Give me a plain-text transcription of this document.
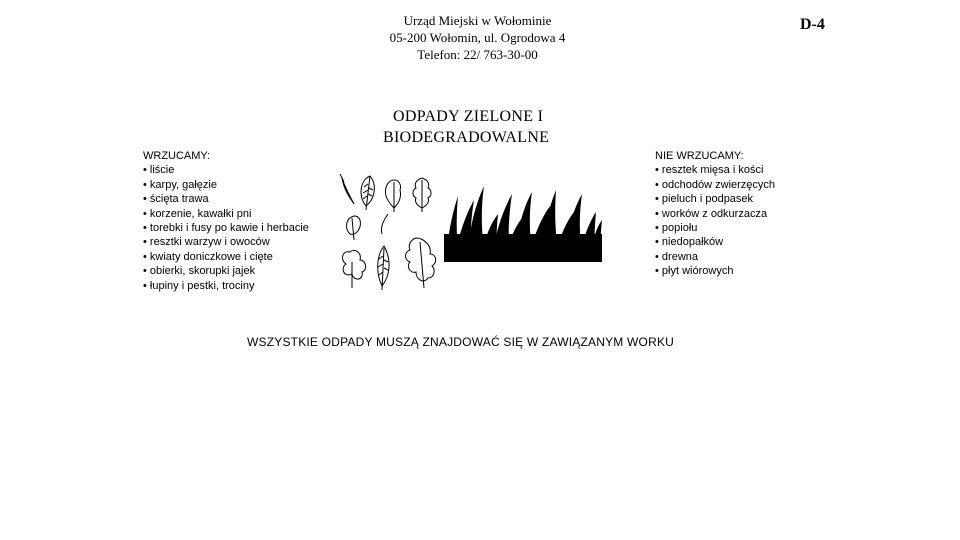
Urząd Miejski w Wołominie
05-200 Wołomin, ul. Ogrodowa 4
Telefon: 22/ 763-30-00
D-4
ODPADY ZIELONE I
BIODEGRADOWALNE
WRZUCAMY:
• liście
• karpy, gałęzie
• ścięta trawa
• korzenie, kawałki pni
• torebki i fusy po kawie i herbacie
• resztki warzyw i owoców
• kwiaty doniczkowe i cięte
• obierki, skorupki jajek
• łupiny i pestki, trociny
NIE WRZUCAMY:
• resztek mięsa i kości
• odchodów zwierzęcych
• pieluch i podpasek
• worków z odkurzacza
• popiołu
• niedopałków
• drewna
• płyt wiórowych
WSZYSTKIE ODPADY MUSZĄ ZNAJDOWAĆ SIĘ W ZAWIĄZANYM WORKU
